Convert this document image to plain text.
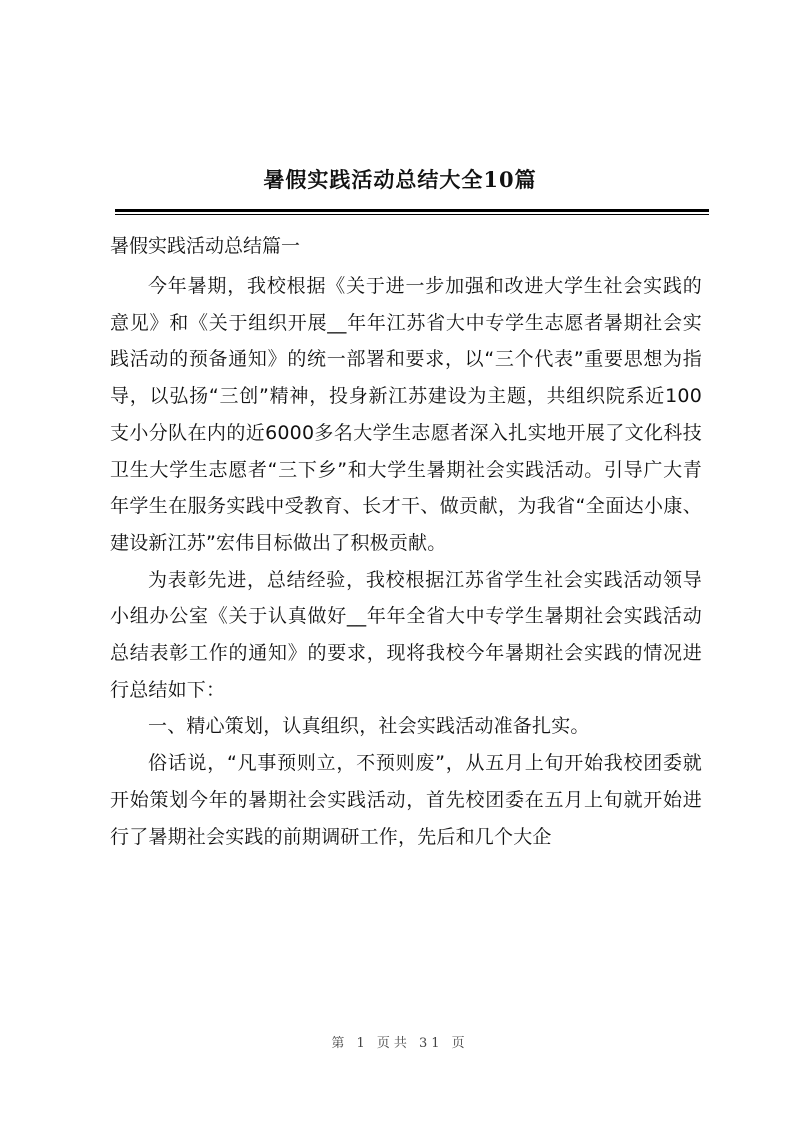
暑假实践活动总结大全10篇
暑假实践活动总结篇一

今年暑期，我校根据《关于进一步加强和改进大学生社会实践的意见》和《关于组织开展__年年江苏省大中专学生志愿者暑期社会实践活动的预备通知》的统一部署和要求，以“三个代表”重要思想为指导，以弘扬“三创”精神，投身新江苏建设为主题，共组织院系近100支小分队在内的近6000多名大学生志愿者深入扎实地开展了文化科技卫生大学生志愿者“三下乡”和大学生暑期社会实践活动。引导广大青年学生在服务实践中受教育、长才干、做贡献，为我省“全面达小康、建设新江苏”宏伟目标做出了积极贡献。

为表彰先进，总结经验，我校根据江苏省学生社会实践活动领导小组办公室《关于认真做好__年年全省大中专学生暑期社会实践活动总结表彰工作的通知》的要求，现将我校今年暑期社会实践的情况进行总结如下：

一、精心策划，认真组织，社会实践活动准备扎实。

俗话说，“凡事预则立，不预则废”，从五月上旬开始我校团委就开始策划今年的暑期社会实践活动，首先校团委在五月上旬就开始进行了暑期社会实践的前期调研工作，先后和几个大企

第 1 页共 31 页
